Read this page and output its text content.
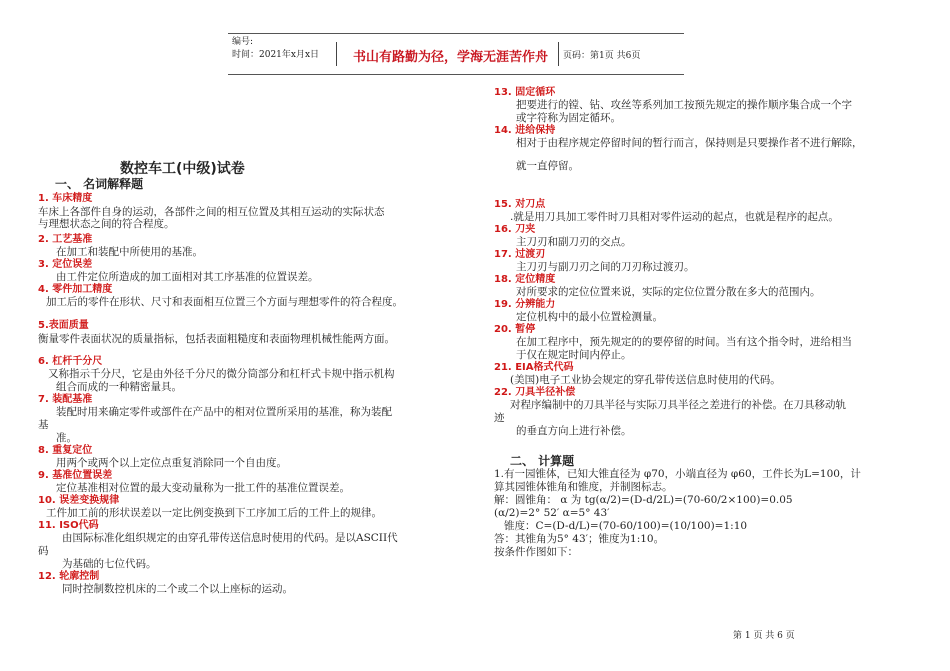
编号:
时间：2021年x月x日	书山有路勤为径，学海无涯苦作舟 页码：第1页 共6页
数控车工(中级)试卷
一、 名词解释题
二、 计算题
1. 车床精度
车床上各部件自身的运动，各部件之间的相互位置及其相互运动的实际状态
与理想状态之间的符合程度。
2. 工艺基准
在加工和装配中所使用的基准。
3. 定位误差
由工件定位所造成的加工面相对其工序基准的位置误差。
4. 零件加工精度
加工后的零件在形状、尺寸和表面相互位置三个方面与理想零件的符合程度。
5.表面质量
衡量零件表面状况的质量指标，包括表面粗糙度和表面物理机械性能两方面。
6. 杠杆千分尺
又称指示千分尺，它是由外径千分尺的微分筒部分和杠杆式卡规中指示机构
组合而成的一种精密量具。
7. 装配基准
装配时用来确定零件或部件在产品中的相对位置所采用的基准，称为装配
基
准。
8. 重复定位
用两个或两个以上定位点重复消除同一个自由度。
9. 基准位置误差
定位基准相对位置的最大变动量称为一批工件的基准位置误差。
10. 误差变换规律
工件加工前的形状误差以一定比例变换到下工序加工后的工件上的规律。
11. ISO代码
由国际标准化组织规定的由穿孔带传送信息时使用的代码。是以ASCII代
码
为基础的七位代码。
12. 轮廓控制
同时控制数控机床的二个或二个以上座标的运动。
13. 固定循环
把要进行的镗、钻、攻丝等系列加工按预先规定的操作顺序集合成一个字
或字符称为固定循环。
14. 进给保持
相对于由程序规定停留时间的暂行而言，保持则是只要操作者不进行解除，
就一直停留。
15. 对刀点
.就是用刀具加工零件时刀具相对零件运动的起点，也就是程序的起点。
16. 刀夹
主刀刃和副刀刃的交点。
17. 过渡刃
主刀刃与副刀刃之间的刀刃称过渡刃。
18. 定位精度
对所要求的定位位置来说，实际的定位位置分散在多大的范围内。
19. 分辨能力
定位机构中的最小位置检测量。
20. 暂停
在加工程序中，预先规定的的要停留的时间。当有这个指令时，进给相当
于仅在规定时间内停止。
21. EIA格式代码
(美国)电子工业协会规定的穿孔带传送信息时使用的代码。
22. 刀具半径补偿
对程序编制中的刀具半径与实际刀具半径之差进行的补偿。在刀具移动轨
迹
的垂直方向上进行补偿。
1.有一园锥体，已知大锥直径为 φ70，小端直径为 φ60，工件长为L=100，计
算其园锥体锥角和锥度，并制图标志。
解：圆锥角： α 为 tg(α/2)=(D-d/2L)=(70-60/2×100)=0.05
(α/2)=2° 52′ α=5° 43′
锥度：C=(D-d/L)=(70-60/100)=(10/100)=1:10
答：其锥角为5° 43′；锥度为1:10。
按条件作图如下：
第 1 页 共 6 页
